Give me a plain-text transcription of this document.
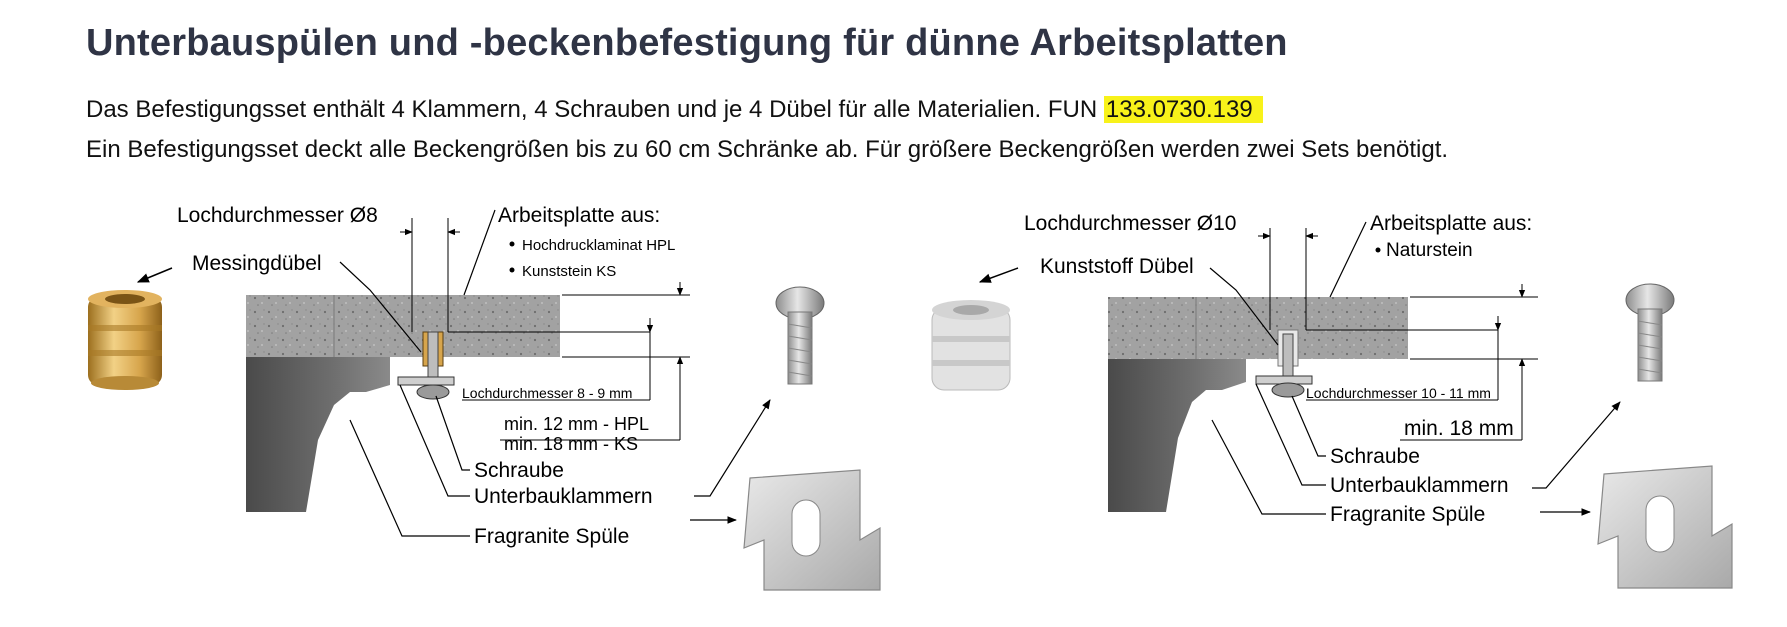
Unterbauspülen und -beckenbefestigung für dünne Arbeitsplatten
Das Befestigungsset enthält 4 Klammern, 4 Schrauben und je 4 Dübel für alle Materialien. FUN 133.0730.139
Ein Befestigungsset deckt alle Beckengrößen bis zu 60 cm Schränke ab. Für größere Beckengrößen werden zwei Sets benötigt.
Lochdurchmesser Ø8	Arbeitsplatte aus:
Hochdrucklaminat HPL
Kunststein KS
Messingdübel
Lochdurchmesser 8 - 9 mm
min. 12 mm - HPL
min. 18 mm - KS
Schraube
Unterbauklammern
Fragranite Spüle
Lochdurchmesser Ø10	Arbeitsplatte aus:
Naturstein
Kunststoff Dübel
Lochdurchmesser 10 - 11 mm
min. 18 mm
Schraube
Unterbauklammern
Fragranite Spüle
